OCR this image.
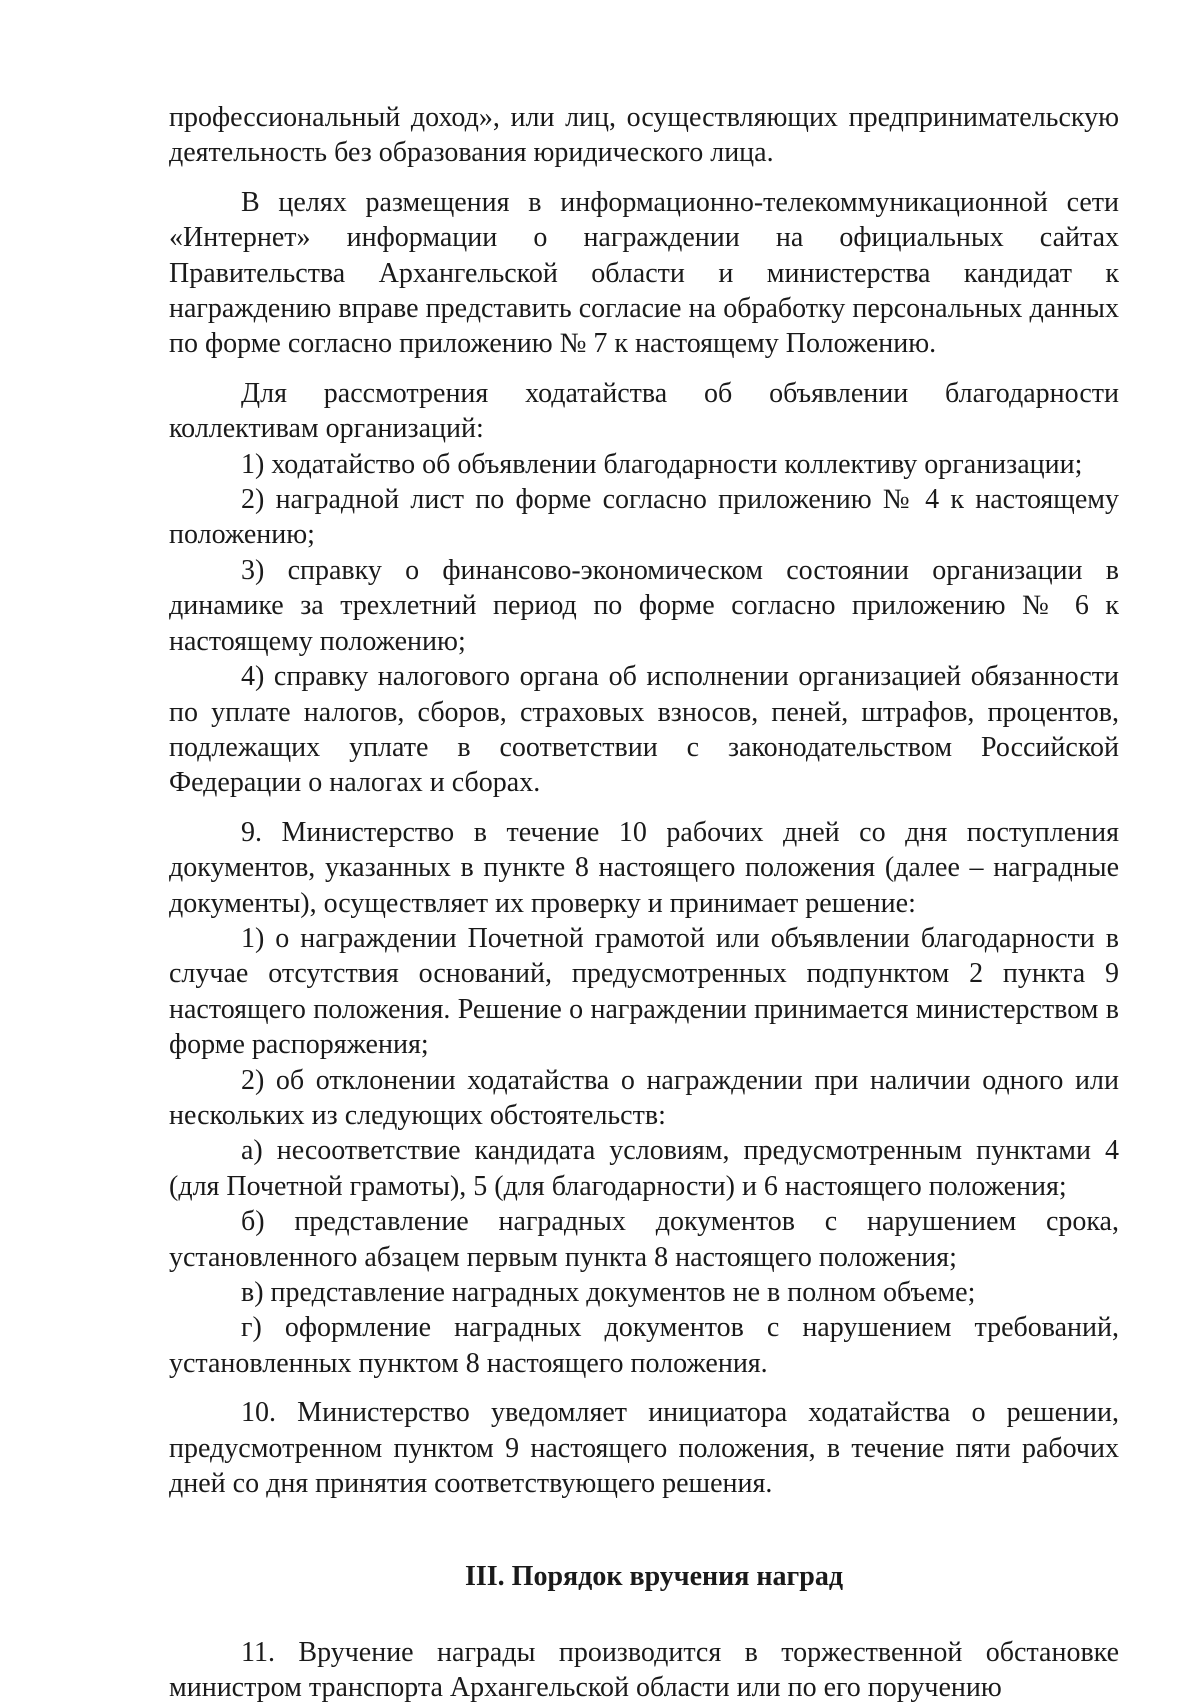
профессиональный доход», или лиц, осуществляющих предпринимательскую деятельность без образования юридического лица.

В целях размещения в информационно-телекоммуникационной сети «Интернет» информации о награждении на официальных сайтах Правительства Архангельской области и министерства кандидат к награждению вправе представить согласие на обработку персональных данных по форме согласно приложению № 7 к настоящему Положению.

Для рассмотрения ходатайства об объявлении благодарности коллективам организаций:

1) ходатайство об объявлении благодарности коллективу организации;

2) наградной лист по форме согласно приложению № 4 к настоящему положению;

3) справку о финансово-экономическом состоянии организации в динамике за трехлетний период по форме согласно приложению № 6 к настоящему положению;

4) справку налогового органа об исполнении организацией обязанности по уплате налогов, сборов, страховых взносов, пеней, штрафов, процентов, подлежащих уплате в соответствии с законодательством Российской Федерации о налогах и сборах.

9. Министерство в течение 10 рабочих дней со дня поступления документов, указанных в пункте 8 настоящего положения (далее – наградные документы), осуществляет их проверку и принимает решение:

1) о награждении Почетной грамотой или объявлении благодарности в случае отсутствия оснований, предусмотренных подпунктом 2 пункта 9 настоящего положения. Решение о награждении принимается министерством в форме распоряжения;

2) об отклонении ходатайства о награждении при наличии одного или нескольких из следующих обстоятельств:

а) несоответствие кандидата условиям, предусмотренным пунктами 4 (для Почетной грамоты), 5 (для благодарности) и 6 настоящего положения;

б) представление наградных документов с нарушением срока, установленного абзацем первым пункта 8 настоящего положения;

в) представление наградных документов не в полном объеме;

г) оформление наградных документов с нарушением требований, установленных пунктом 8 настоящего положения.

10. Министерство уведомляет инициатора ходатайства о решении, предусмотренном пунктом 9 настоящего положения, в течение пяти рабочих дней со дня принятия соответствующего решения.

III. Порядок вручения наград

11. Вручение награды производится в торжественной обстановке министром транспорта Архангельской области или по его поручению
